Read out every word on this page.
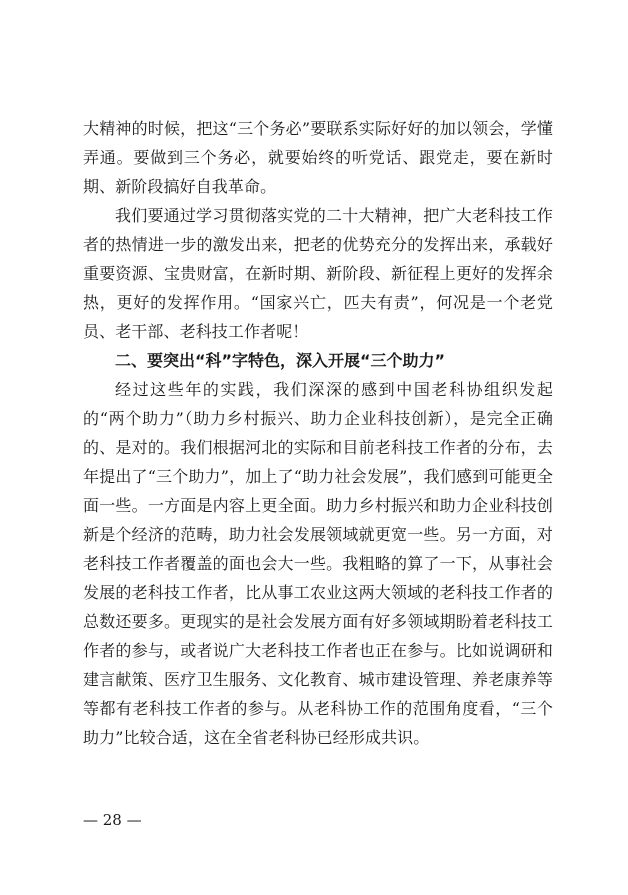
大精神的时候，把这“三个务必”要联系实际好好的加以领会，学懂弄通。要做到三个务必，就要始终的听党话、跟党走，要在新时期、新阶段搞好自我革命。

我们要通过学习贯彻落实党的二十大精神，把广大老科技工作者的热情进一步的激发出来，把老的优势充分的发挥出来，承载好重要资源、宝贵财富，在新时期、新阶段、新征程上更好的发挥余热，更好的发挥作用。“国家兴亡，匹夫有责”，何况是一个老党员、老干部、老科技工作者呢！

二、要突出“科”字特色，深入开展“三个助力”

经过这些年的实践，我们深深的感到中国老科协组织发起的“两个助力”（助力乡村振兴、助力企业科技创新），是完全正确的、是对的。我们根据河北的实际和目前老科技工作者的分布，去年提出了“三个助力”，加上了“助力社会发展”，我们感到可能更全面一些。一方面是内容上更全面。助力乡村振兴和助力企业科技创新是个经济的范畴，助力社会发展领域就更宽一些。另一方面，对老科技工作者覆盖的面也会大一些。我粗略的算了一下，从事社会发展的老科技工作者，比从事工农业这两大领域的老科技工作者的总数还要多。更现实的是社会发展方面有好多领域期盼着老科技工作者的参与，或者说广大老科技工作者也正在参与。比如说调研和建言献策、医疗卫生服务、文化教育、城市建设管理、养老康养等等都有老科技工作者的参与。从老科协工作的范围角度看，“三个助力”比较合适，这在全省老科协已经形成共识。

— 28 —
